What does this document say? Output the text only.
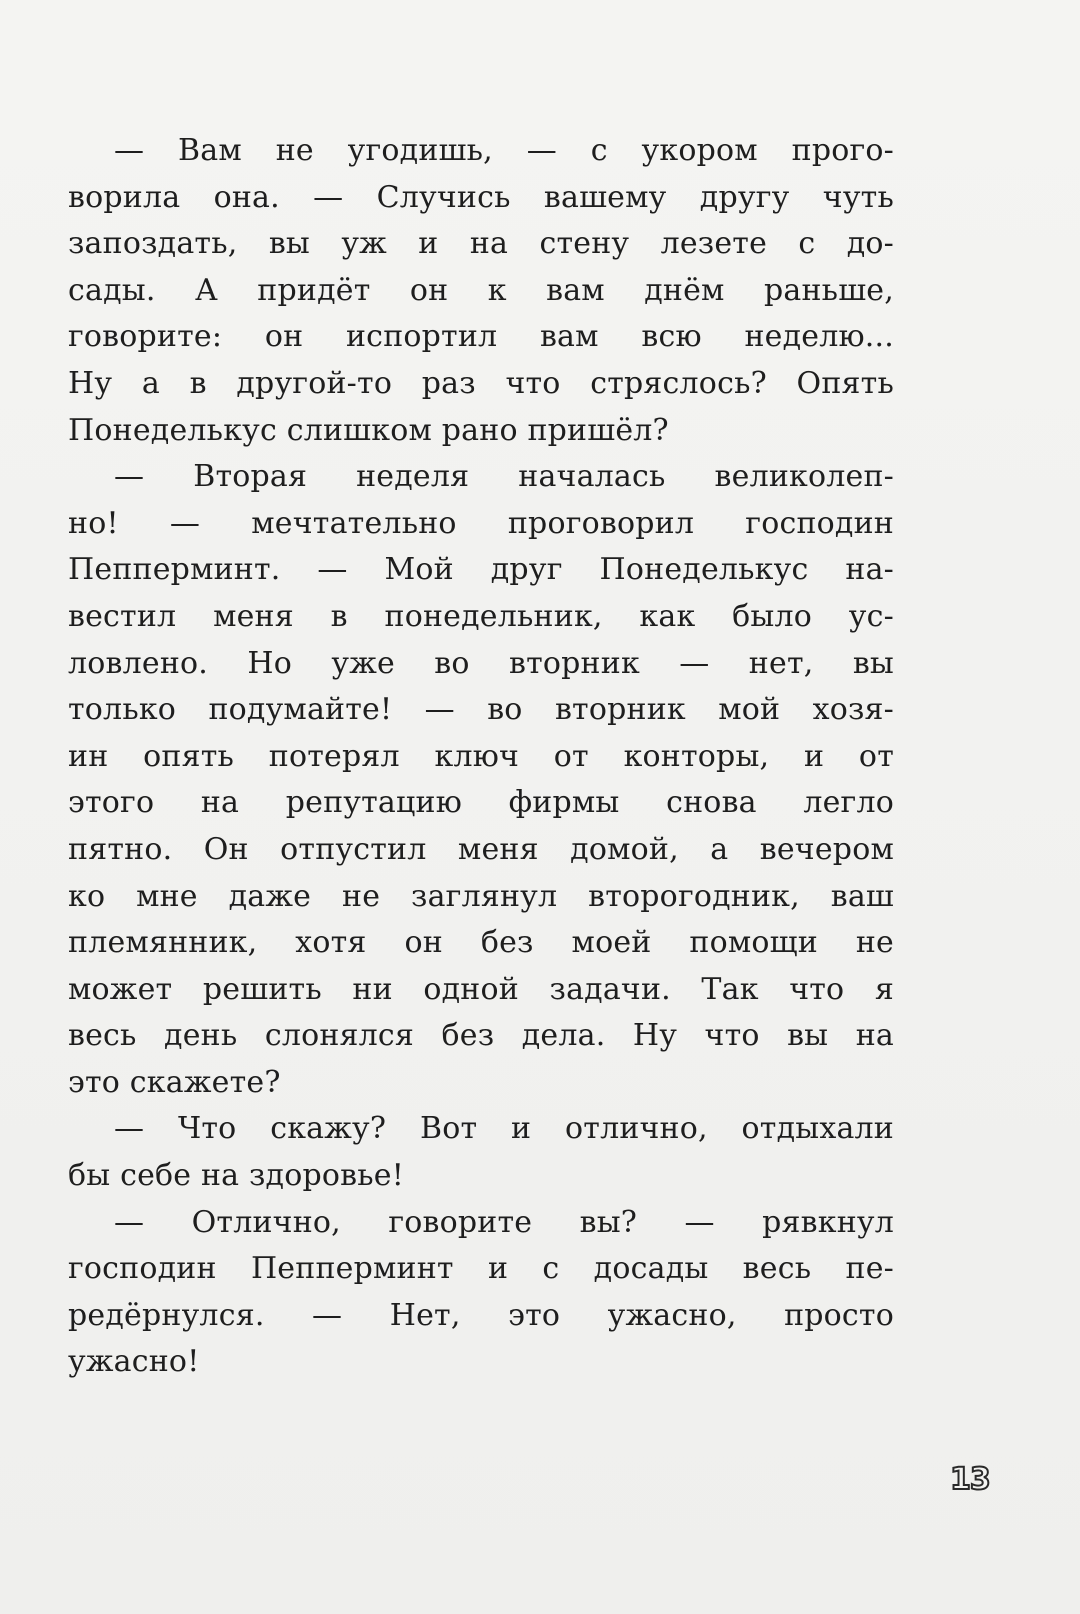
— Вам не угодишь, — с укором прого-
ворила она. — Случись вашему другу чуть
запоздать, вы уж и на стену лезете с до-
сады. А придёт он к вам днём раньше,
говорите: он испортил вам всю неделю...
Ну а в другой-то раз что стряслось? Опять
Понеделькус слишком рано пришёл?
— Вторая неделя началась великолеп-
но! — мечтательно проговорил господин
Пепперминт. — Мой друг Понеделькус на-
вестил меня в понедельник, как было ус-
ловлено. Но уже во вторник — нет, вы
только подумайте! — во вторник мой хозя-
ин опять потерял ключ от конторы, и от
этого на репутацию фирмы снова легло
пятно. Он отпустил меня домой, а вечером
ко мне даже не заглянул второгодник, ваш
племянник, хотя он без моей помощи не
может решить ни одной задачи. Так что я
весь день слонялся без дела. Ну что вы на
это скажете?
— Что скажу? Вот и отлично, отдыхали
бы себе на здоровье!
— Отлично, говорите вы? — рявкнул
господин Пепперминт и с досады весь пе-
редёрнулся. — Нет, это ужасно, просто
ужасно!
13
